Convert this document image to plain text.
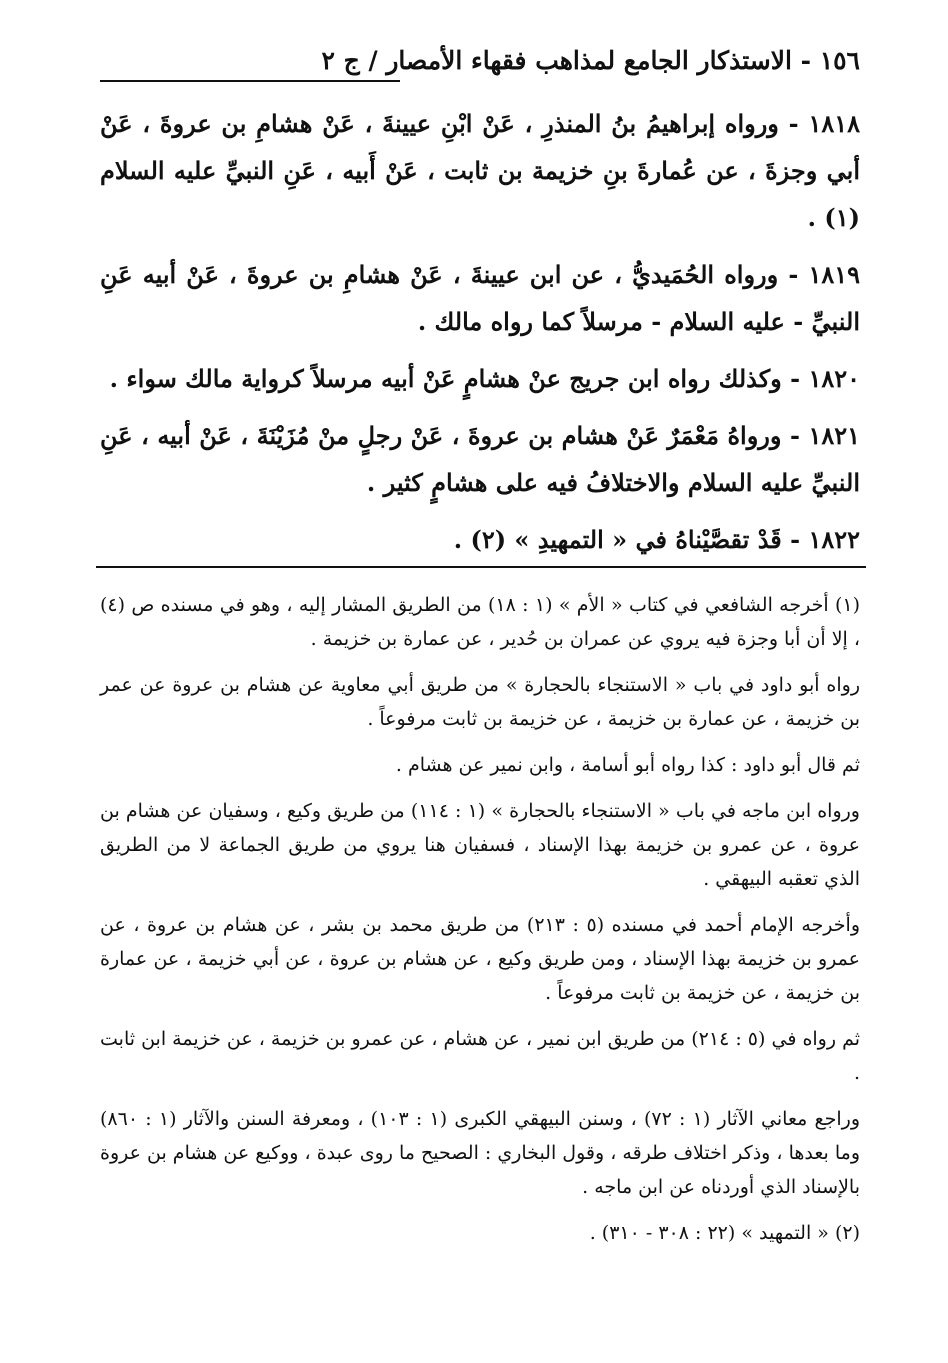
١٥٦ - الاستذكار الجامع لمذاهب فقهاء الأمصار / ج ٢

١٨١٨ - ورواه إبراهيمُ بنُ المنذرِ ، عَنْ ابْنِ عيينةَ ، عَنْ هشامِ بن عروةَ ، عَنْ أبي وجزةَ ، عن عُمارةَ بنِ خزيمة بن ثابت ، عَنْ أَبيه ، عَنِ النبيِّ عليه السلام (١) .

١٨١٩ - ورواه الحُمَيديُّ ، عن ابن عيينةَ ، عَنْ هشامِ بن عروةَ ، عَنْ أبيه عَنِ النبيِّ - عليه السلام - مرسلاً كما رواه مالك .

١٨٢٠ - وكذلك رواه ابن جريج عنْ هشامٍ عَنْ أبيه مرسلاً كرواية مالك سواء .

١٨٢١ - ورواهُ مَعْمَرٌ عَنْ هشام بن عروةَ ، عَنْ رجلٍ منْ مُزَيْنَةَ ، عَنْ أبيه ، عَنِ النبيِّ عليه السلام والاختلافُ فيه على هشامٍ كثير .

١٨٢٢ - قَدْ تقصَّيْناهُ في « التمهيدِ » (٢) .

(١) أخرجه الشافعي في كتاب « الأم » (١ : ١٨) من الطريق المشار إليه ، وهو في مسنده ص (٤) ، إلا أن أبا وجزة فيه يروي عن عمران بن حُدير ، عن عمارة بن خزيمة .

رواه أبو داود في باب « الاستنجاء بالحجارة » من طريق أبي معاوية عن هشام بن عروة عن عمر بن خزيمة ، عن عمارة بن خزيمة ، عن خزيمة بن ثابت مرفوعاً .

ثم قال أبو داود : كذا رواه أبو أسامة ، وابن نمير عن هشام .

ورواه ابن ماجه في باب « الاستنجاء بالحجارة » (١ : ١١٤) من طريق وكيع ، وسفيان عن هشام بن عروة ، عن عمرو بن خزيمة بهذا الإسناد ، فسفيان هنا يروي من طريق الجماعة لا من الطريق الذي تعقبه البيهقي .

وأخرجه الإمام أحمد في مسنده (٥ : ٢١٣) من طريق محمد بن بشر ، عن هشام بن عروة ، عن عمرو بن خزيمة بهذا الإسناد ، ومن طريق وكيع ، عن هشام بن عروة ، عن أبي خزيمة ، عن عمارة بن خزيمة ، عن خزيمة بن ثابت مرفوعاً .

ثم رواه في (٥ : ٢١٤) من طريق ابن نمير ، عن هشام ، عن عمرو بن خزيمة ، عن خزيمة ابن ثابت .

وراجع معاني الآثار (١ : ٧٢) ، وسنن البيهقي الكبرى (١ : ١٠٣) ، ومعرفة السنن والآثار (١ : ٨٦٠) وما بعدها ، وذكر اختلاف طرقه ، وقول البخاري : الصحيح ما روى عبدة ، ووكيع عن هشام بن عروة بالإسناد الذي أوردناه عن ابن ماجه .

(٢) « التمهيد » (٢٢ : ٣٠٨ - ٣١٠) .
